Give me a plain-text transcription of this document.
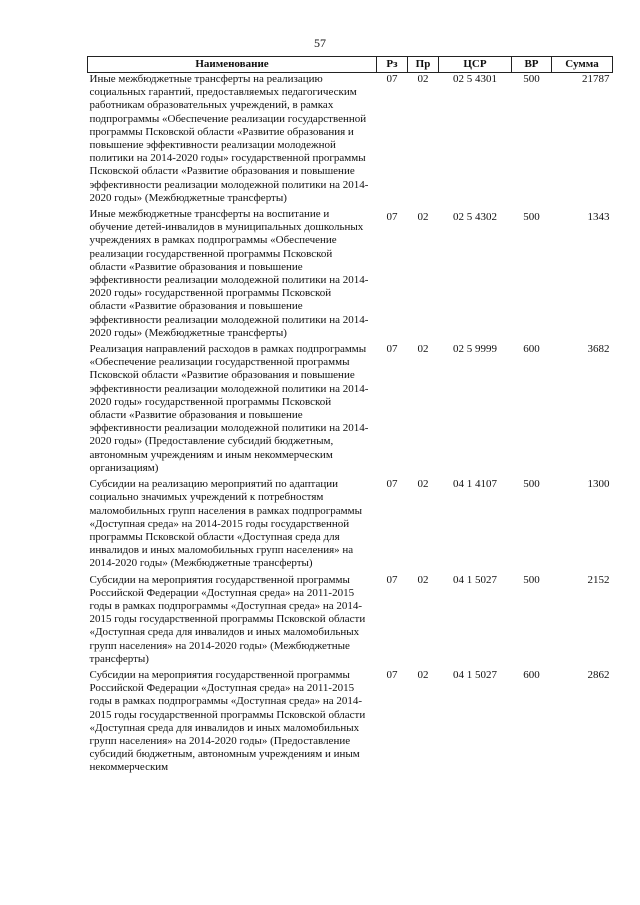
57
Наименование	Рз	Пр	ЦСР	ВР	Сумма
Иные межбюджетные трансферты на реализацию социальных гарантий, предоставляемых педагогическим работникам образовательных учреждений, в рамках подпрограммы «Обеспечение реализации государственной программы Псковской области «Развитие образования и повышение эффективности реализации молодежной политики на 2014-2020 годы» государственной программы Псковской области «Развитие образования и повышение эффективности реализации молодежной политики на 2014-2020 годы» (Межбюджетные трансферты)	07	02	02 5 4301	500	21787
Иные межбюджетные трансферты на воспитание и обучение детей-инвалидов в муниципальных дошкольных учреждениях в рамках подпрограммы «Обеспечение реализации государственной программы Псковской области «Развитие образования и повышение эффективности реализации молодежной политики на 2014-2020 годы» государственной программы Псковской области «Развитие образования и повышение эффективности реализации молодежной политики на 2014-2020 годы» (Межбюджетные трансферты)	07	02	02 5 4302	500	1343
Реализация направлений расходов в рамках подпрограммы «Обеспечение реализации государственной программы Псковской области «Развитие образования и повышение эффективности реализации молодежной политики на 2014-2020 годы» государственной программы Псковской области «Развитие образования и повышение эффективности реализации молодежной политики на 2014-2020 годы» (Предоставление субсидий бюджетным, автономным учреждениям и иным некоммерческим организациям)	07	02	02 5 9999	600	3682
Субсидии на реализацию мероприятий по адаптации социально значимых учреждений к потребностям маломобильных групп населения в рамках подпрограммы «Доступная среда» на 2014-2015 годы государственной программы Псковской области «Доступная среда для инвалидов и иных маломобильных групп населения» на 2014-2020 годы» (Межбюджетные трансферты)	07	02	04 1 4107	500	1300
Субсидии на мероприятия государственной программы Российской Федерации «Доступная среда» на 2011-2015 годы в рамках подпрограммы «Доступная среда» на 2014-2015 годы государственной программы Псковской области «Доступная среда для инвалидов и иных маломобильных групп населения» на 2014-2020 годы» (Межбюджетные трансферты)	07	02	04 1 5027	500	2152
Субсидии на мероприятия государственной программы Российской Федерации «Доступная среда» на 2011-2015 годы в рамках подпрограммы «Доступная среда» на 2014-2015 годы государственной программы Псковской области «Доступная среда для инвалидов и иных маломобильных групп населения» на 2014-2020 годы» (Предоставление субсидий бюджетным, автономным учреждениям и иным некоммерческим	07	02	04 1 5027	600	2862
